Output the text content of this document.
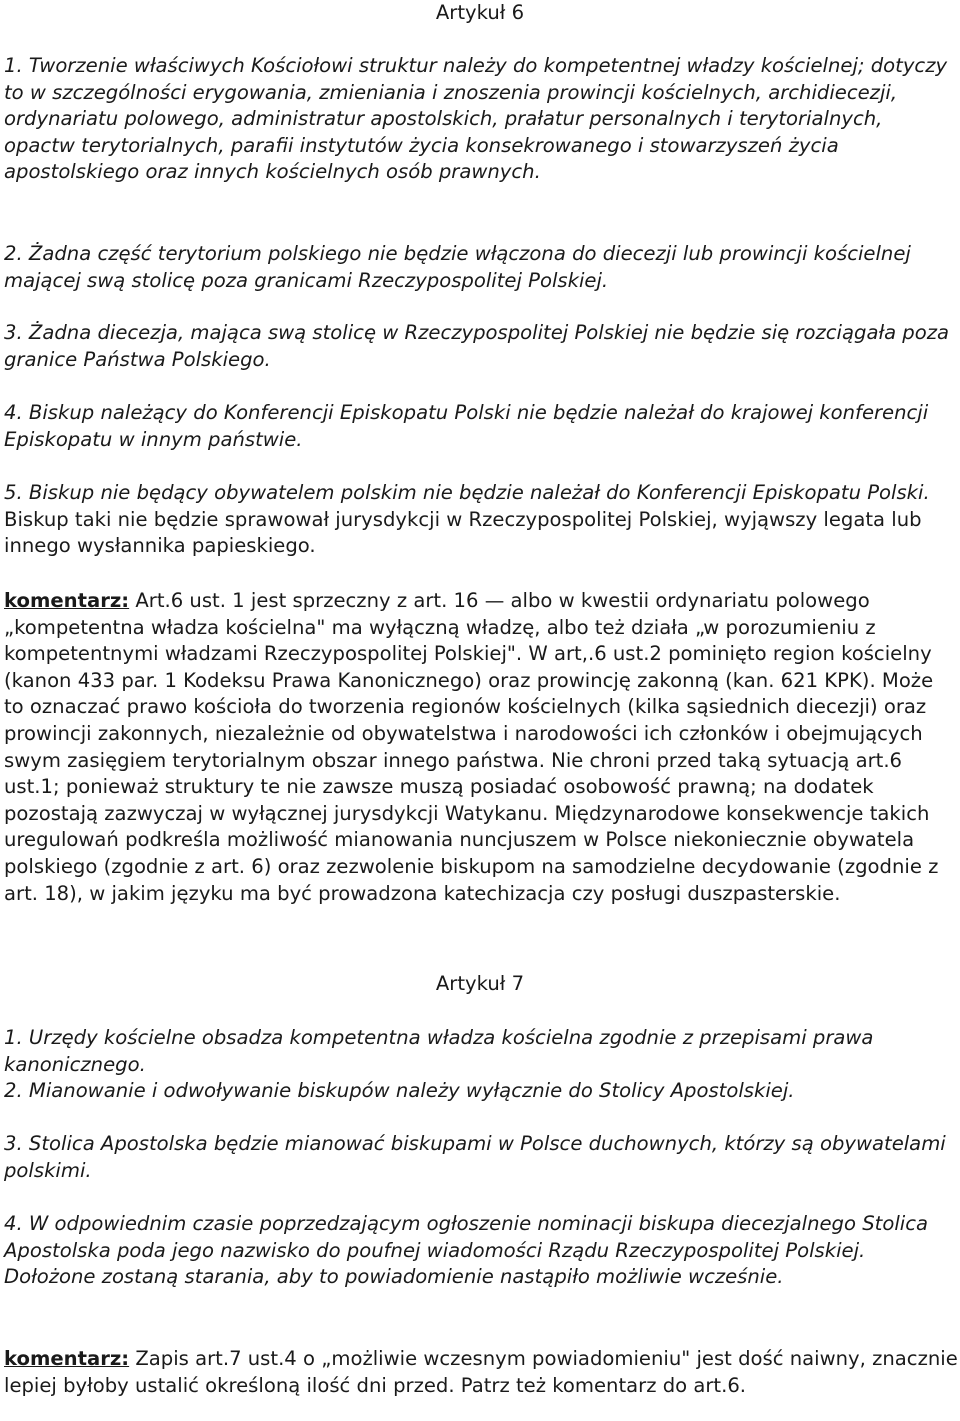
Artykuł 6

1. Tworzenie właściwych Kościołowi struktur należy do kompetentnej władzy kościelnej; dotyczy to w szczególności erygowania, zmieniania i znoszenia prowincji kościelnych, archidiecezji, ordynariatu polowego, administratur apostolskich, prałatur personalnych i terytorialnych, opactw terytorialnych, parafii instytutów życia konsekrowanego i stowarzyszeń życia apostolskiego oraz innych kościelnych osób prawnych.

2. Żadna część terytorium polskiego nie będzie włączona do diecezji lub prowincji kościelnej mającej swą stolicę poza granicami Rzeczypospolitej Polskiej.

3. Żadna diecezja, mająca swą stolicę w Rzeczypospolitej Polskiej nie będzie się rozciągała poza granice Państwa Polskiego.

4. Biskup należący do Konferencji Episkopatu Polski nie będzie należał do krajowej konferencji Episkopatu w innym państwie.

5. Biskup nie będący obywatelem polskim nie będzie należał do Konferencji Episkopatu Polski. Biskup taki nie będzie sprawował jurysdykcji w Rzeczypospolitej Polskiej, wyjąwszy legata lub innego wysłannika papieskiego.

komentarz: Art.6 ust. 1 jest sprzeczny z art. 16 — albo w kwestii ordynariatu polowego „kompetentna władza kościelna" ma wyłączną władzę, albo też działa „w porozumieniu z kompetentnymi władzami Rzeczypospolitej Polskiej". W art,.6 ust.2 pominięto region kościelny (kanon 433 par. 1 Kodeksu Prawa Kanonicznego) oraz prowincję zakonną (kan. 621 KPK). Może to oznaczać prawo kościoła do tworzenia regionów kościelnych (kilka sąsiednich diecezji) oraz prowincji zakonnych, niezależnie od obywatelstwa i narodowości ich członków i obejmujących swym zasięgiem terytorialnym obszar innego państwa. Nie chroni przed taką sytuacją art.6 ust.1; ponieważ struktury te nie zawsze muszą posiadać osobowość prawną; na dodatek pozostają zazwyczaj w wyłącznej jurysdykcji Watykanu. Międzynarodowe konsekwencje takich uregulowań podkreśla możliwość mianowania nuncjuszem w Polsce niekoniecznie obywatela polskiego (zgodnie z art. 6) oraz zezwolenie biskupom na samodzielne decydowanie (zgodnie z art. 18), w jakim języku ma być prowadzona katechizacja czy posługi duszpasterskie.

Artykuł 7

1. Urzędy kościelne obsadza kompetentna władza kościelna zgodnie z przepisami prawa kanonicznego.

2. Mianowanie i odwoływanie biskupów należy wyłącznie do Stolicy Apostolskiej.

3. Stolica Apostolska będzie mianować biskupami w Polsce duchownych, którzy są obywatelami polskimi.

4. W odpowiednim czasie poprzedzającym ogłoszenie nominacji biskupa diecezjalnego Stolica Apostolska poda jego nazwisko do poufnej wiadomości Rządu Rzeczypospolitej Polskiej. Dołożone zostaną starania, aby to powiadomienie nastąpiło możliwie wcześnie.

komentarz: Zapis art.7 ust.4 o „możliwie wczesnym powiadomieniu" jest dość naiwny, znacznie lepiej byłoby ustalić określoną ilość dni przed. Patrz też komentarz do art.6.
